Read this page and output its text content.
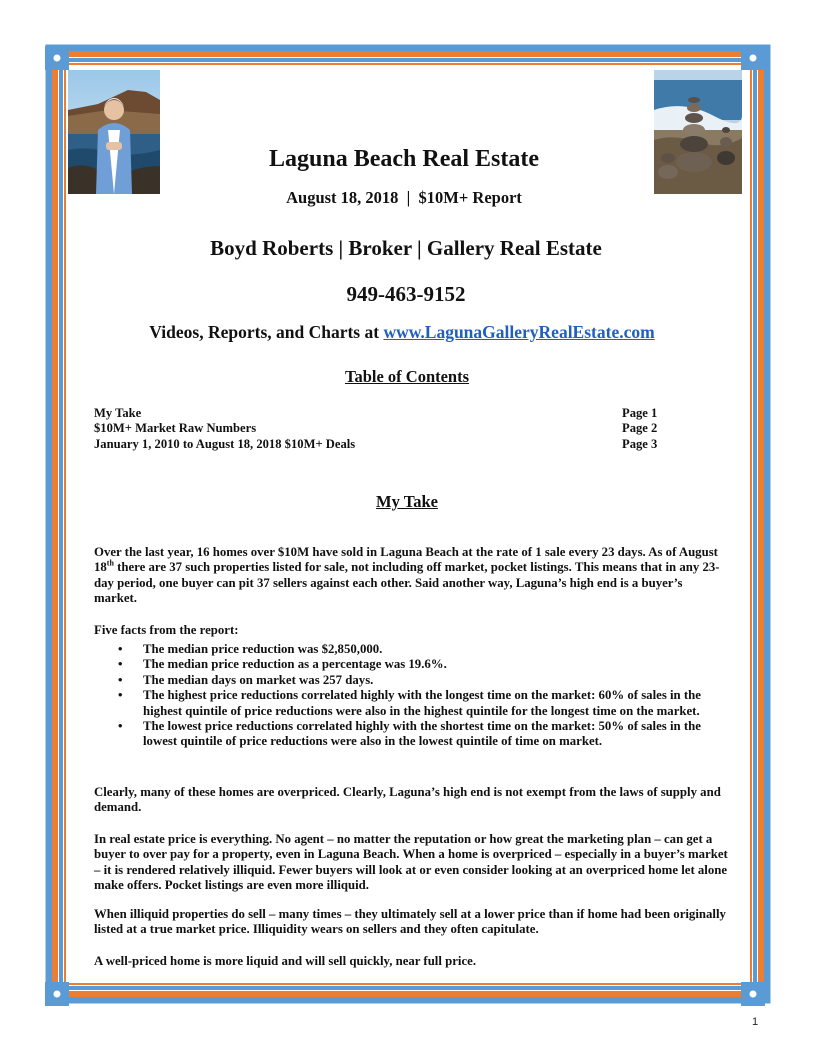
Laguna Beach Real Estate
August 18, 2018  |  $10M+ Report
Boyd Roberts | Broker | Gallery Real Estate
949-463-9152
Videos, Reports, and Charts at www.LagunaGalleryRealEstate.com
Table of Contents
My Take	Page 1
$10M+ Market Raw Numbers	Page 2
January 1, 2010 to August 18, 2018 $10M+ Deals	Page 3
My Take
Over the last year, 16 homes over $10M have sold in Laguna Beach at the rate of 1 sale every 23 days. As of August 18th there are 37 such properties listed for sale, not including off market, pocket listings. This means that in any 23-day period, one buyer can pit 37 sellers against each other. Said another way, Laguna’s high end is a buyer’s market.
Five facts from the report:
• The median price reduction was $2,850,000.
• The median price reduction as a percentage was 19.6%.
• The median days on market was 257 days.
• The highest price reductions correlated highly with the longest time on the market: 60% of sales in the highest quintile of price reductions were also in the highest quintile for the longest time on the market.
• The lowest price reductions correlated highly with the shortest time on the market: 50% of sales in the lowest quintile of price reductions were also in the lowest quintile of time on market.
Clearly, many of these homes are overpriced. Clearly, Laguna’s high end is not exempt from the laws of supply and demand.
In real estate price is everything. No agent – no matter the reputation or how great the marketing plan – can get a buyer to over pay for a property, even in Laguna Beach. When a home is overpriced – especially in a buyer’s market – it is rendered relatively illiquid. Fewer buyers will look at or even consider looking at an overpriced home let alone make offers. Pocket listings are even more illiquid.
When illiquid properties do sell – many times – they ultimately sell at a lower price than if home had been originally listed at a true market price. Illiquidity wears on sellers and they often capitulate.
A well-priced home is more liquid and will sell quickly, near full price.
1
